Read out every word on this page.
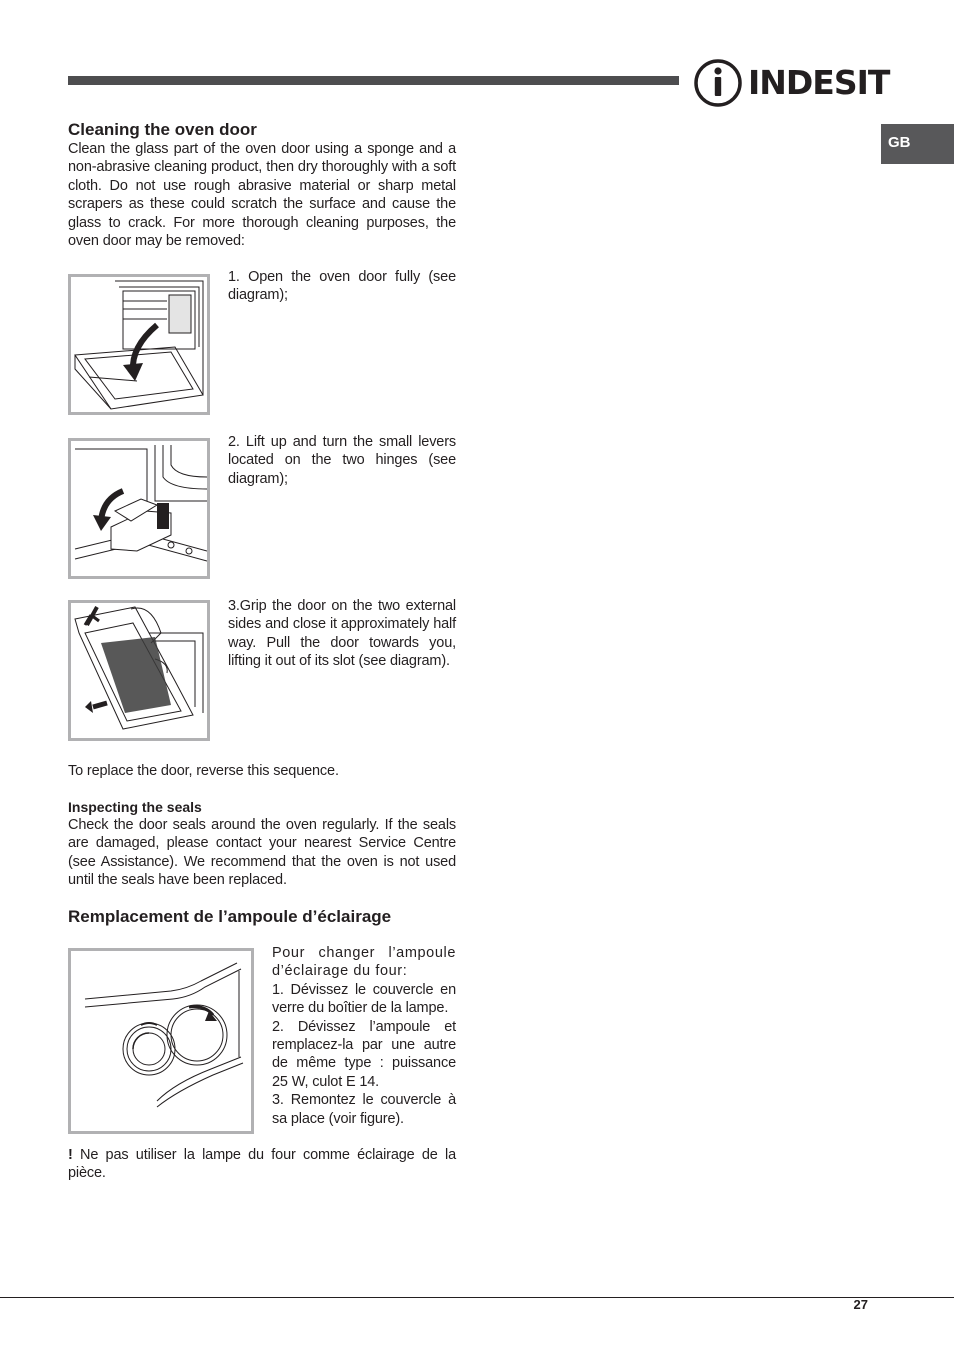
INDESIT
GB
Cleaning the oven door

Clean the glass part of the oven door using a sponge and a non-abrasive cleaning product, then dry thoroughly with a soft cloth. Do not use rough abrasive material or sharp metal scrapers as these could scratch the surface and cause the glass to crack. For more thorough cleaning purposes, the oven door may be removed:

1. Open the oven door fully (see diagram);
2. Lift up and turn the small levers located on the two hinges (see diagram);
3.Grip the door on the two external sides and close it approximately half way. Pull the door towards you, lifting it out of its slot (see diagram).

To replace the door, reverse this sequence.

Inspecting the seals

Check the door seals around the oven regularly. If the seals are damaged, please contact your nearest Service Centre (see Assistance). We recommend that the oven is not used until the seals have been replaced.

Remplacement de l’ampoule d’éclairage
Pour changer l’ampoule d’éclairage du four:
1. Dévissez le couvercle en verre du boîtier de la lampe.
2. Dévissez l’ampoule et remplacez-la par une autre de même type : puissance 25 W, culot E 14.
3. Remontez le couvercle à sa place (voir figure).

! Ne pas utiliser la lampe du four comme éclairage de la pièce.

27
